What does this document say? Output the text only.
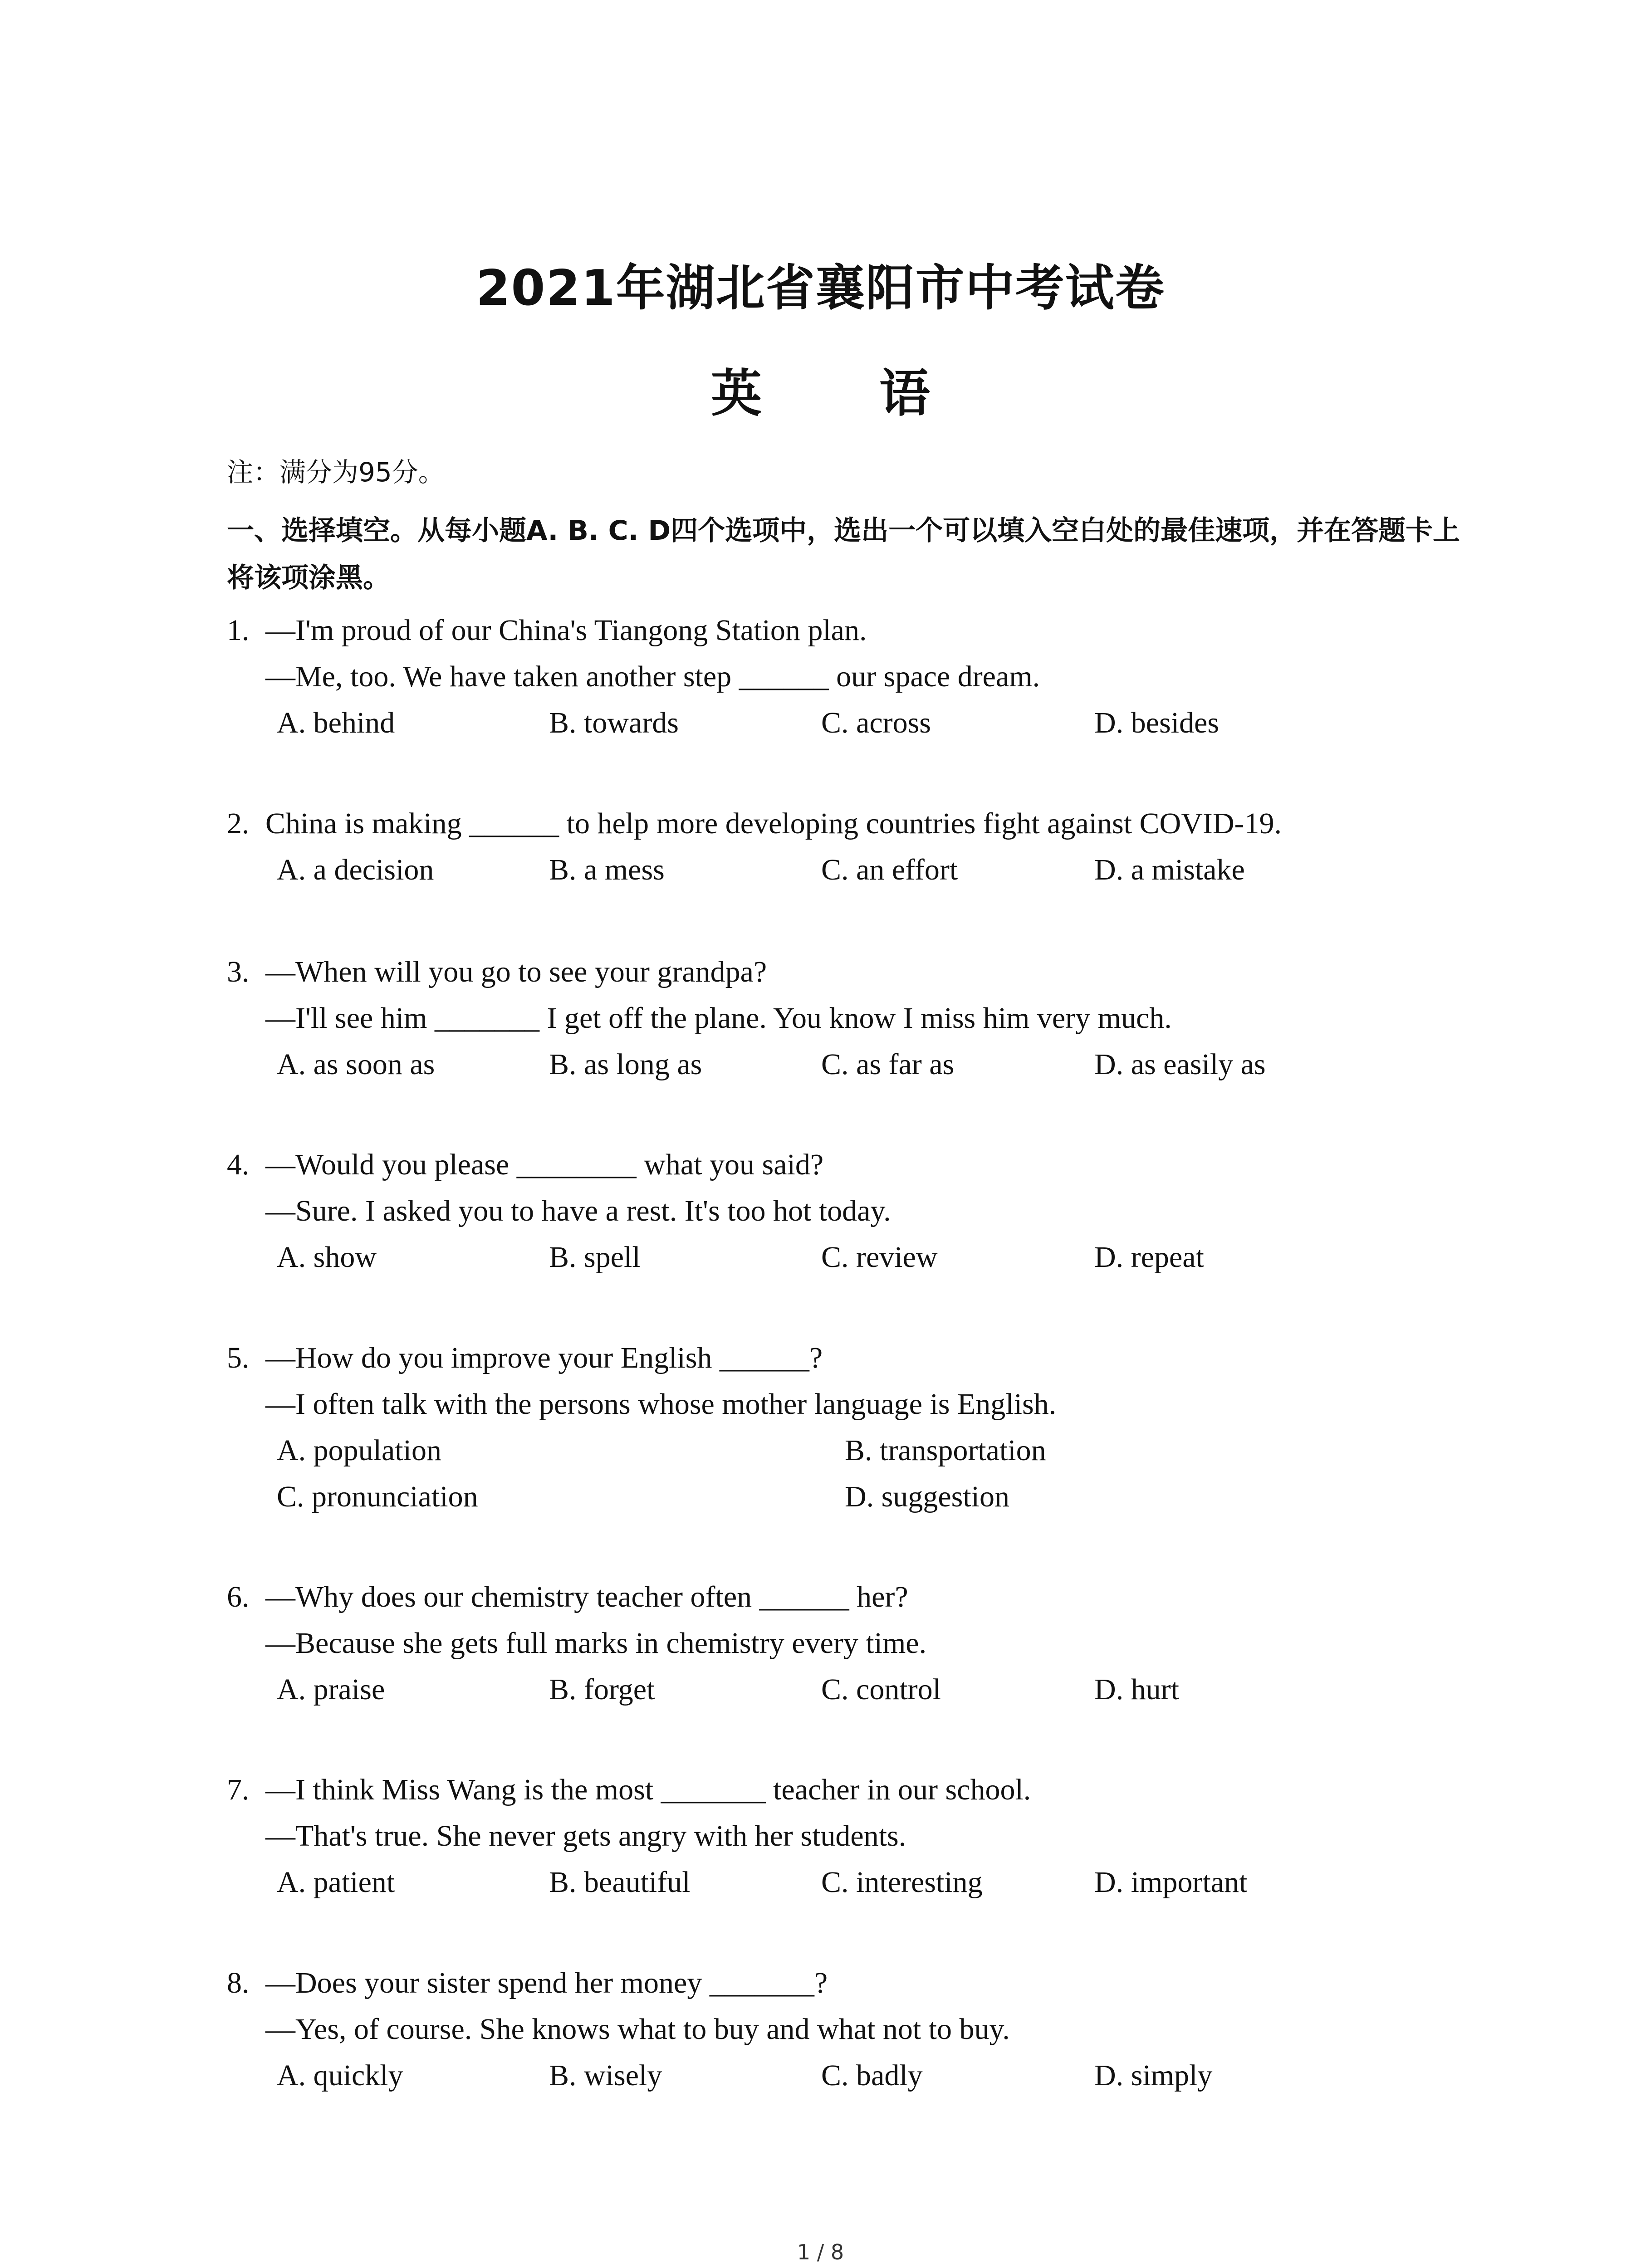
2021年湖北省襄阳市中考试卷
英 语
注：满分为95分。
一、选择填空。从每小题A. B. C. D四个选项中，选出一个可以填入空白处的最佳速项，并在答题卡上将该项涂黑。
1. —I'm proud of our China's Tiangong Station plan.
—Me, too. We have taken another step ______ our space dream.
A. behind	B. towards	C. across	D. besides
2. China is making ______ to help more developing countries fight against COVID-19.
A. a decision	B. a mess	C. an effort	D. a mistake
3. —When will you go to see your grandpa?
—I'll see him _______ I get off the plane. You know I miss him very much.
A. as soon as	B. as long as	C. as far as	D. as easily as
4. —Would you please ________ what you said?
—Sure. I asked you to have a rest. It's too hot today.
A. show	B. spell	C. review	D. repeat
5. —How do you improve your English ______?
—I often talk with the persons whose mother language is English.
A. population	B. transportation
C. pronunciation	D. suggestion
6. —Why does our chemistry teacher often ______ her?
—Because she gets full marks in chemistry every time.
A. praise	B. forget	C. control	D. hurt
7. —I think Miss Wang is the most _______ teacher in our school.
—That's true. She never gets angry with her students.
A. patient	B. beautiful	C. interesting	D. important
8. —Does your sister spend her money _______?
—Yes, of course. She knows what to buy and what not to buy.
A. quickly	B. wisely	C. badly	D. simply
1 / 8
